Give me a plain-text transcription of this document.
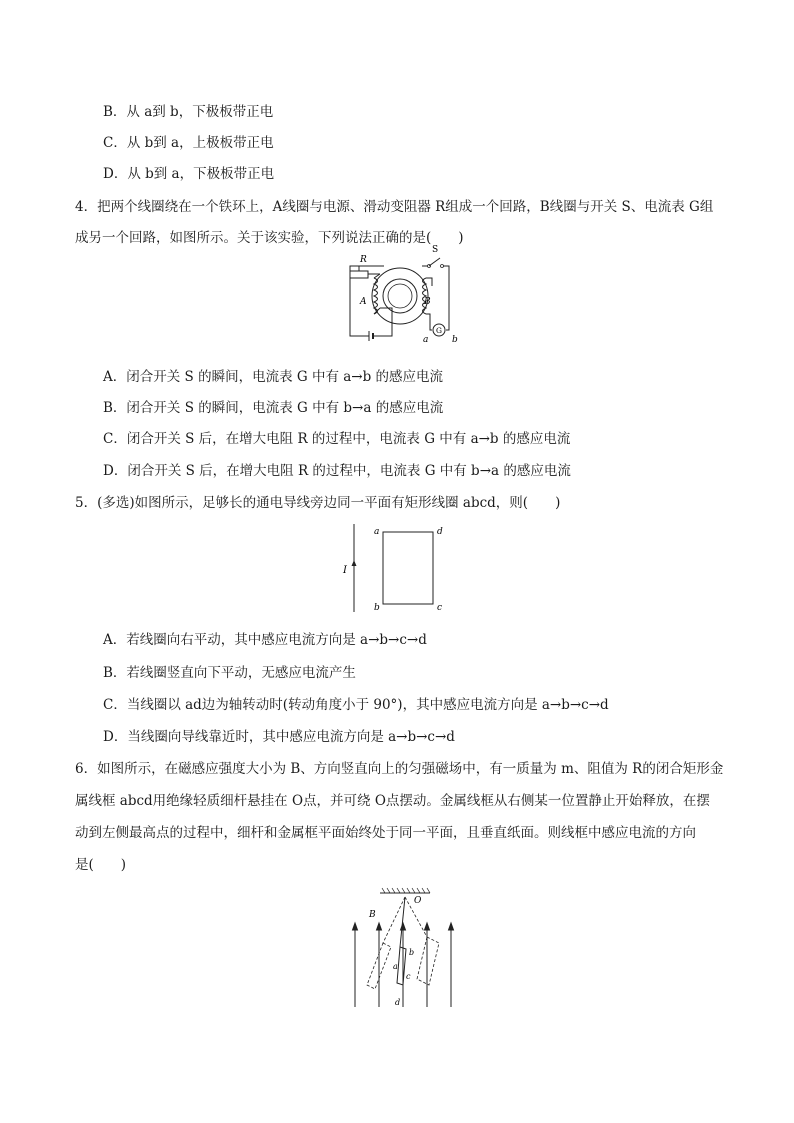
B．从 a到 b，下极板带正电
C．从 b到 a，上极板带正电
D．从 b到 a，下极板带正电
4．把两个线圈绕在一个铁环上，A线圈与电源、滑动变阻器 R组成一个回路，B线圈与开关 S、电流表 G组
成另一个回路，如图所示。关于该实验，下列说法正确的是(　　)
R
A	B
S
G
a	b
A．闭合开关 S 的瞬间，电流表 G 中有 a→b 的感应电流
B．闭合开关 S 的瞬间，电流表 G 中有 b→a 的感应电流
C．闭合开关 S 后，在增大电阻 R 的过程中，电流表 G 中有 a→b 的感应电流
D．闭合开关 S 后，在增大电阻 R 的过程中，电流表 G 中有 b→a 的感应电流
5．(多选)如图所示，足够长的通电导线旁边同一平面有矩形线圈 abcd，则(　　)
I
a
b	c
d
A．若线圈向右平动，其中感应电流方向是 a→b→c→d
B．若线圈竖直向下平动，无感应电流产生
C．当线圈以 ad边为轴转动时(转动角度小于 90°)，其中感应电流方向是 a→b→c→d
D．当线圈向导线靠近时，其中感应电流方向是 a→b→c→d
6．如图所示，在磁感应强度大小为 B、方向竖直向上的匀强磁场中，有一质量为 m、阻值为 R的闭合矩形金
属线框 abcd用绝缘轻质细杆悬挂在 O点，并可绕 O点摆动。金属线框从右侧某一位置静止开始释放，在摆
动到左侧最高点的过程中，细杆和金属框平面始终处于同一平面，且垂直纸面。则线框中感应电流的方向
是(　　)
O
B
a
b
c
d
